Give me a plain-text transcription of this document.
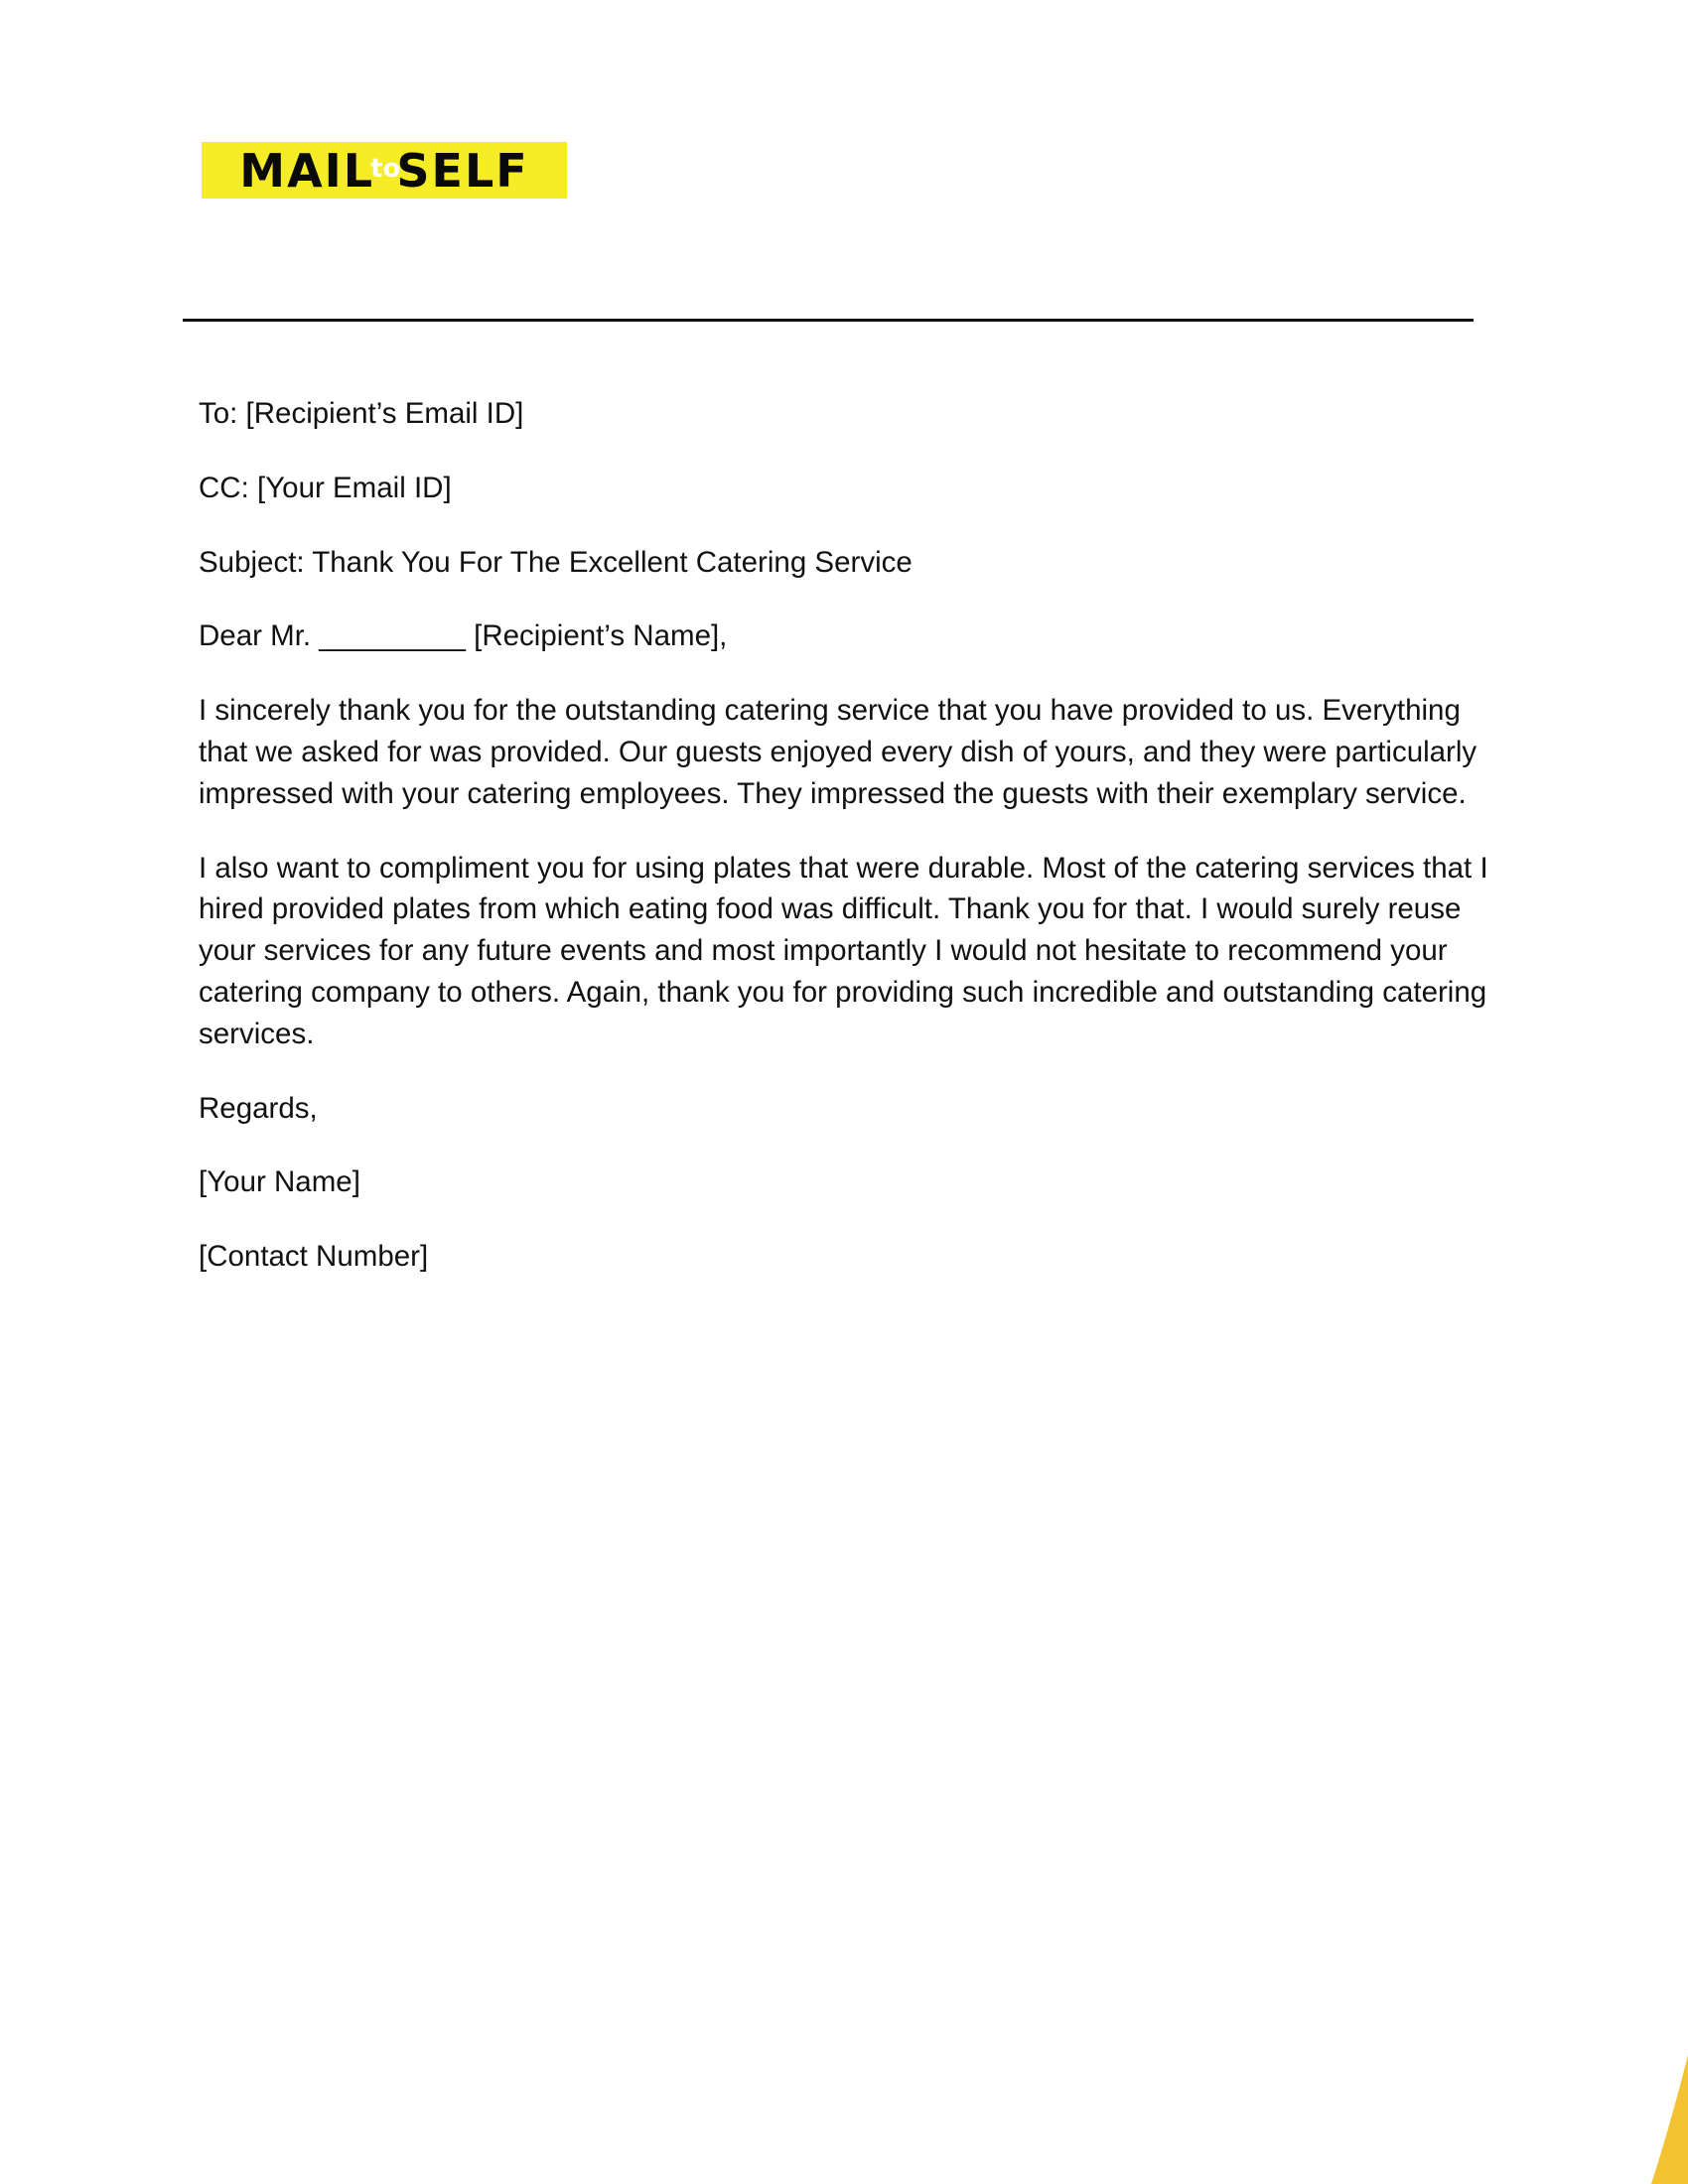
MAIL
to
SELF

To: [Recipient’s Email ID]

CC: [Your Email ID]

Subject: Thank You For The Excellent Catering Service

Dear Mr. _________ [Recipient’s Name],

I sincerely thank you for the outstanding catering service that you have provided to us. Everything that we asked for was provided. Our guests enjoyed every dish of yours, and they were particularly impressed with your catering employees. They impressed the guests with their exemplary service.

I also want to compliment you for using plates that were durable. Most of the catering services that I hired provided plates from which eating food was difficult. Thank you for that. I would surely reuse your services for any future events and most importantly I would not hesitate to recommend your catering company to others. Again, thank you for providing such incredible and outstanding catering services.

Regards,

[Your Name]

[Contact Number]
